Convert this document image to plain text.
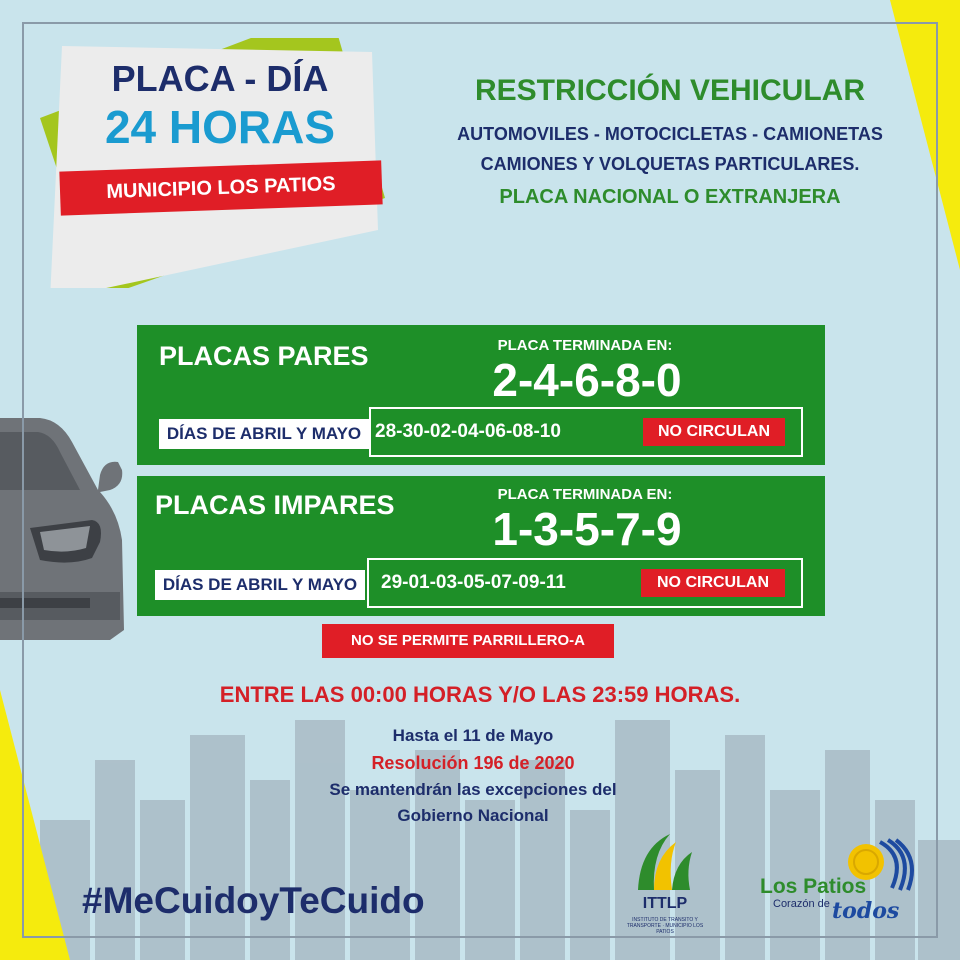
PLACA - DÍA
24 HORAS
MUNICIPIO LOS PATIOS
RESTRICCIÓN VEHICULAR
AUTOMOVILES - MOTOCICLETAS - CAMIONETAS
CAMIONES Y VOLQUETAS PARTICULARES.
PLACA NACIONAL O EXTRANJERA
PLACAS PARES	PLACA TERMINADA EN:
2-4-6-8-0
DÍAS DE ABRIL Y MAYO 28-30-02-04-06-08-10	NO CIRCULAN
PLACAS IMPARES	PLACA TERMINADA EN:
1-3-5-7-9
DÍAS DE ABRIL Y MAYO	29-01-03-05-07-09-11	NO CIRCULAN
NO SE PERMITE PARRILLERO-A
ENTRE LAS 00:00 HORAS Y/O LAS 23:59 HORAS.
Hasta el 11 de Mayo
Resolución 196 de 2020
Se mantendrán las excepciones del
Gobierno Nacional
#MeCuidoyTeCuido	ITTLP
INSTITUTO DE TRANSITO Y TRANSPORTE · MUNICIPIO LOS PATIOS
Los Patios
Corazón de todos
